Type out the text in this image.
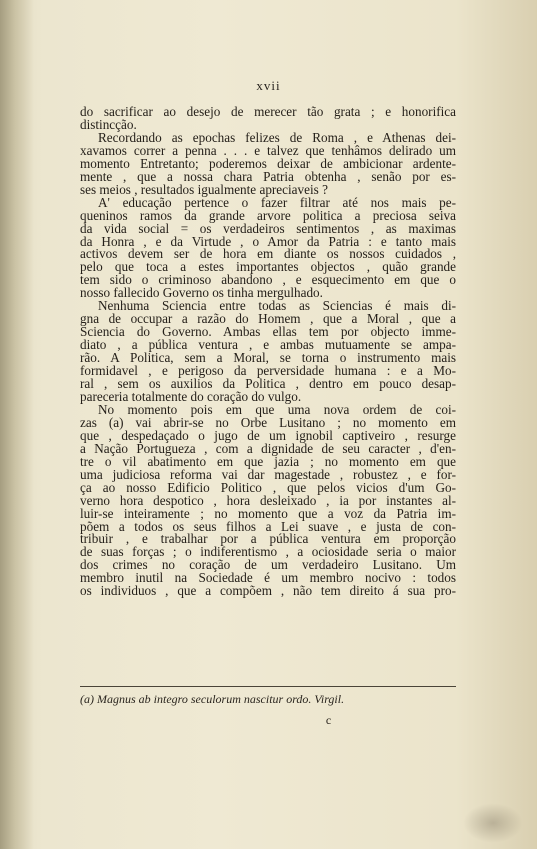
xvii
do sacrificar ao desejo de merecer tão grata ; e honorifica
distincção.
Recordando as epochas felizes de Roma , e Athenas dei-
xavamos correr a penna . . . e talvez que tenhâmos delirado um
momento Entretanto; poderemos deixar de ambicionar ardente-
mente , que a nossa chara Patria obtenha , senão por es-
ses meios , resultados igualmente apreciaveis ?
A' educação pertence o fazer filtrar até nos mais pe-
queninos ramos da grande arvore politica a preciosa seiva
da vida social = os verdadeiros sentimentos , as maximas
da Honra , e da Virtude , o Amor da Patria : e tanto mais
activos devem ser de hora em diante os nossos cuidados ,
pelo que toca a estes importantes objectos , quão grande
tem sido o criminoso abandono , e esquecimento em que o
nosso fallecido Governo os tinha mergulhado.
Nenhuma Sciencia entre todas as Sciencias é mais di-
gna de occupar a razão do Homem , que a Moral , que a
Sciencia do Governo. Ambas ellas tem por objecto imme-
diato , a pública ventura , e ambas mutuamente se ampa-
rão. A Politica, sem a Moral, se torna o instrumento mais
formidavel , e perigoso da perversidade humana : e a Mo-
ral , sem os auxilios da Politica , dentro em pouco desap-
pareceria totalmente do coração do vulgo.
No momento pois em que uma nova ordem de coi-
zas (a) vai abrir-se no Orbe Lusitano ; no momento em
que , despedaçado o jugo de um ignobil captiveiro , resurge
a Nação Portugueza , com a dignidade de seu caracter , d'en-
tre o vil abatimento em que jazia ; no momento em que
uma judiciosa reforma vai dar magestade , robustez , e for-
ça ao nosso Edificio Politico , que pelos vicios d'um Go-
verno hora despotico , hora desleixado , ia por instantes al-
luir-se inteiramente ; no momento que a voz da Patria im-
põem a todos os seus filhos a Lei suave , e justa de con-
tribuir , e trabalhar por a pública ventura em proporção
de suas forças ; o indiferentismo , a ociosidade seria o maior
dos crimes no coração de um verdadeiro Lusitano. Um
membro inutil na Sociedade é um membro nocivo : todos
os individuos , que a compõem , não tem direito á sua pro-
(a) Magnus ab integro seculorum nascitur ordo. Virgil.
c
